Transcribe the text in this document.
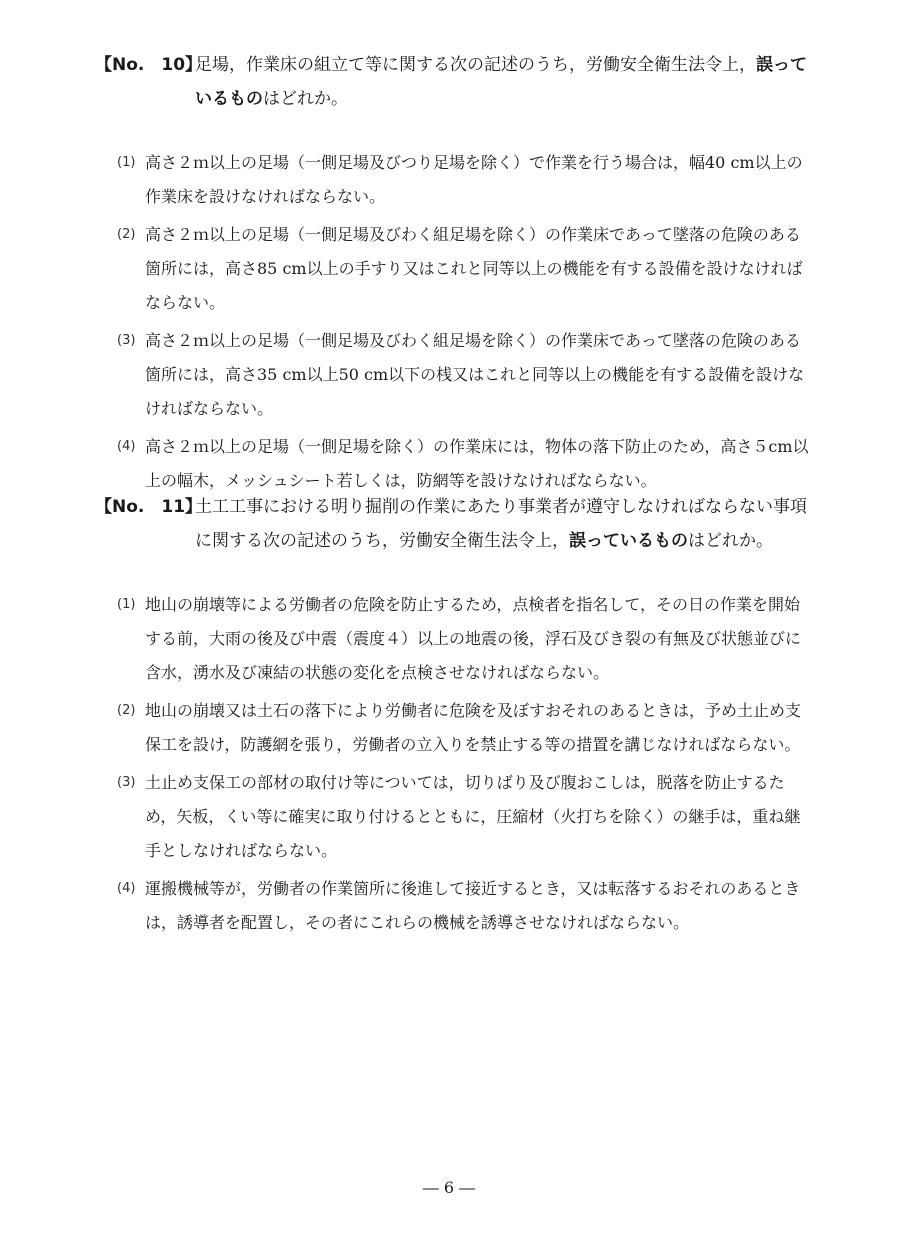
【No.　10】
足場，作業床の組立て等に関する次の記述のうち，労働安全衛生法令上，誤っているものはどれか。
(1) 高さ２ｍ以上の足場（一側足場及びつり足場を除く）で作業を行う場合は，幅40 cm以上の作業床を設けなければならない。
(2) 高さ２ｍ以上の足場（一側足場及びわく組足場を除く）の作業床であって墜落の危険のある箇所には，高さ85 cm以上の手すり又はこれと同等以上の機能を有する設備を設けなければならない。
(3) 高さ２ｍ以上の足場（一側足場及びわく組足場を除く）の作業床であって墜落の危険のある箇所には，高さ35 cm以上50 cm以下の桟又はこれと同等以上の機能を有する設備を設けなければならない。
(4) 高さ２ｍ以上の足場（一側足場を除く）の作業床には，物体の落下防止のため，高さ５cm以上の幅木，メッシュシート若しくは，防網等を設けなければならない。
【No.　11】
土工工事における明り掘削の作業にあたり事業者が遵守しなければならない事項に関する次の記述のうち，労働安全衛生法令上，誤っているものはどれか。
(1) 地山の崩壊等による労働者の危険を防止するため，点検者を指名して，その日の作業を開始する前，大雨の後及び中震（震度４）以上の地震の後，浮石及びき裂の有無及び状態並びに含水，湧水及び凍結の状態の変化を点検させなければならない。
(2) 地山の崩壊又は土石の落下により労働者に危険を及ぼすおそれのあるときは，予め土止め支保工を設け，防護網を張り，労働者の立入りを禁止する等の措置を講じなければならない。
(3) 土止め支保工の部材の取付け等については，切りばり及び腹おこしは，脱落を防止するため，矢板，くい等に確実に取り付けるとともに，圧縮材（火打ちを除く）の継手は，重ね継手としなければならない。
(4) 運搬機械等が，労働者の作業箇所に後進して接近するとき，又は転落するおそれのあるときは，誘導者を配置し，その者にこれらの機械を誘導させなければならない。
― 6 ―
